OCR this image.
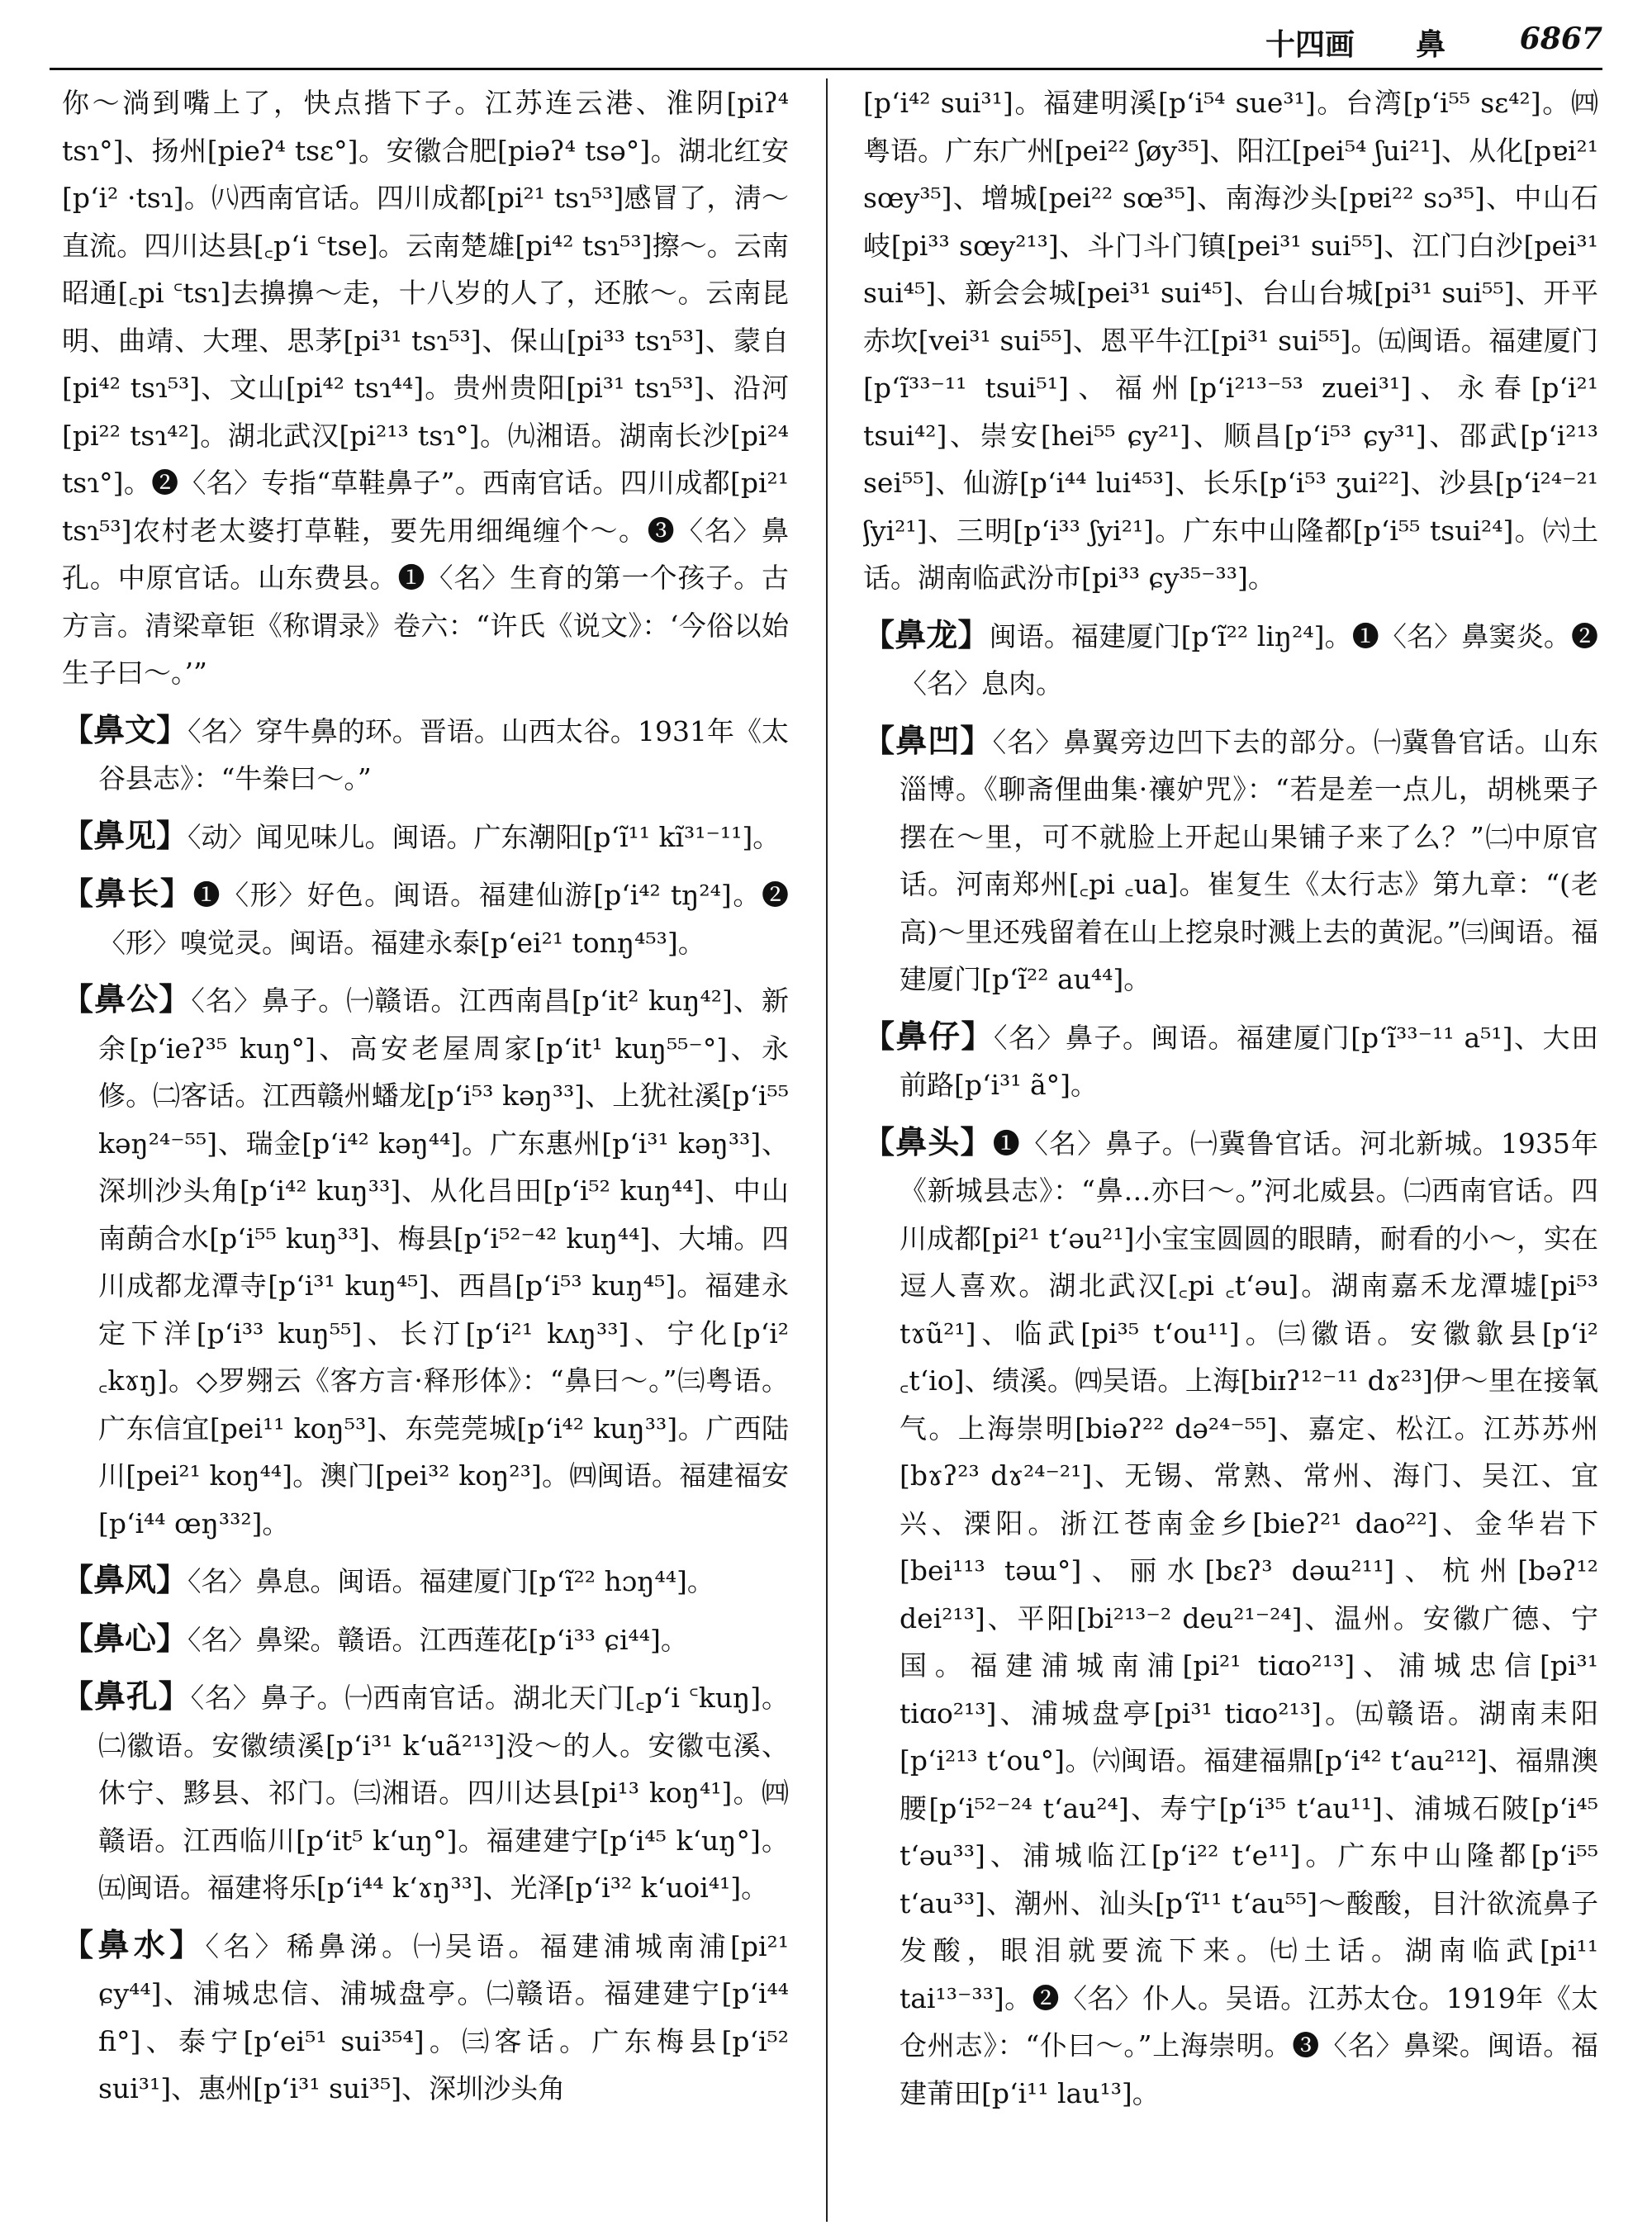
十四画 鼻 6867

你～淌到嘴上了，快点揩下子。江苏连云港、淮阴[piʔ⁴ tsɿ°]、扬州[pieʔ⁴ tsɛ°]。安徽合肥[piəʔ⁴ tsə°]。湖北红安[pʻi² ·tsɿ]。㈧西南官话。四川成都[pi²¹ tsɿ⁵³]感冒了，淸～直流。四川达县[꜀pʻi ꜂tse]。云南楚雄[pi⁴² tsɿ⁵³]擦～。云南昭通[꜀pi ꜂tsɿ]去擤擤～走，十八岁的人了，还脓～。云南昆明、曲靖、大理、思茅[pi³¹ tsɿ⁵³]、保山[pi³³ tsɿ⁵³]、蒙自[pi⁴² tsɿ⁵³]、文山[pi⁴² tsɿ⁴⁴]。贵州贵阳[pi³¹ tsɿ⁵³]、沿河[pi²² tsɿ⁴²]。湖北武汉[pi²¹³ tsɿ°]。㈨湘语。湖南长沙[pi²⁴ tsɿ°]。❷〈名〉专指“草鞋鼻子”。西南官话。四川成都[pi²¹ tsɿ⁵³]农村老太婆打草鞋，要先用细绳缠个～。❸〈名〉鼻孔。中原官话。山东费县。❶〈名〉生育的第一个孩子。古方言。清梁章钜《称谓录》卷六：“许氏《说文》：‘今俗以始生子曰～。’”

【鼻文】〈名〉穿牛鼻的环。晋语。山西太谷。1931年《太谷县志》：“牛桊曰～。”

【鼻见】〈动〉闻见味儿。闽语。广东潮阳[pʻĩ¹¹ kĩ³¹⁻¹¹]。

【鼻长】❶〈形〉好色。闽语。福建仙游[pʻi⁴² tŋ²⁴]。❷〈形〉嗅觉灵。闽语。福建永泰[pʻei²¹ tonŋ⁴⁵³]。

【鼻公】〈名〉鼻子。㈠赣语。江西南昌[pʻit² kuŋ⁴²]、新余[pʻieʔ³⁵ kuŋ°]、高安老屋周家[pʻit¹ kuŋ⁵⁵⁻°]、永修。㈡客话。江西赣州蟠龙[pʻi⁵³ kəŋ³³]、上犹社溪[pʻi⁵⁵ kəŋ²⁴⁻⁵⁵]、瑞金[pʻi⁴² kəŋ⁴⁴]。广东惠州[pʻi³¹ kəŋ³³]、深圳沙头角[pʻi⁴² kuŋ³³]、从化吕田[pʻi⁵² kuŋ⁴⁴]、中山南蓢合水[pʻi⁵⁵ kuŋ³³]、梅县[pʻi⁵²⁻⁴² kuŋ⁴⁴]、大埔。四川成都龙潭寺[pʻi³¹ kuŋ⁴⁵]、西昌[pʻi⁵³ kuŋ⁴⁵]。福建永定下洋[pʻi³³ kuŋ⁵⁵]、长汀[pʻi²¹ kʌŋ³³]、宁化[pʻi² ꜀kɤŋ]。◇罗翙云《客方言·释形体》：“鼻曰～。”㈢粤语。广东信宜[pei¹¹ koŋ⁵³]、东莞莞城[pʻi⁴² kuŋ³³]。广西陆川[pei²¹ koŋ⁴⁴]。澳门[pei³² koŋ²³]。㈣闽语。福建福安[pʻi⁴⁴ œŋ³³²]。

【鼻风】〈名〉鼻息。闽语。福建厦门[pʻĩ²² hɔŋ⁴⁴]。

【鼻心】〈名〉鼻梁。赣语。江西莲花[pʻi³³ ɕi⁴⁴]。

【鼻孔】〈名〉鼻子。㈠西南官话。湖北天门[꜀pʻi ꜂kuŋ]。㈡徽语。安徽绩溪[pʻi³¹ kʻuã²¹³]没～的人。安徽屯溪、休宁、黟县、祁门。㈢湘语。四川达县[pi¹³ koŋ⁴¹]。㈣赣语。江西临川[pʻit⁵ kʻuŋ°]。福建建宁[pʻi⁴⁵ kʻuŋ°]。㈤闽语。福建将乐[pʻi⁴⁴ kʻɤŋ³³]、光泽[pʻi³² kʻuoi⁴¹]。

【鼻水】〈名〉稀鼻涕。㈠吴语。福建浦城南浦[pi²¹ ɕy⁴⁴]、浦城忠信、浦城盘亭。㈡赣语。福建建宁[pʻi⁴⁴ fi°]、泰宁[pʻei⁵¹ sui³⁵⁴]。㈢客话。广东梅县[pʻi⁵² sui³¹]、惠州[pʻi³¹ sui³⁵]、深圳沙头角

[pʻi⁴² sui³¹]。福建明溪[pʻi⁵⁴ sue³¹]。台湾[pʻi⁵⁵ sɛ⁴²]。㈣粤语。广东广州[pei²² ʃøy³⁵]、阳江[pei⁵⁴ ʃui²¹]、从化[pɐi²¹ sœy³⁵]、增城[pei²² sœ³⁵]、南海沙头[pɐi²² sɔ³⁵]、中山石岐[pi³³ sœy²¹³]、斗门斗门镇[pei³¹ sui⁵⁵]、江门白沙[pei³¹ sui⁴⁵]、新会会城[pei³¹ sui⁴⁵]、台山台城[pi³¹ sui⁵⁵]、开平赤坎[vei³¹ sui⁵⁵]、恩平牛江[pi³¹ sui⁵⁵]。㈤闽语。福建厦门[pʻĩ³³⁻¹¹ tsui⁵¹]、福州[pʻi²¹³⁻⁵³ zuei³¹]、永春[pʻi²¹ tsui⁴²]、崇安[hei⁵⁵ ɕy²¹]、顺昌[pʻi⁵³ ɕy³¹]、邵武[pʻi²¹³ sei⁵⁵]、仙游[pʻi⁴⁴ lui⁴⁵³]、长乐[pʻi⁵³ ʒui²²]、沙县[pʻi²⁴⁻²¹ ʃyi²¹]、三明[pʻi³³ ʃyi²¹]。广东中山隆都[pʻi⁵⁵ tsui²⁴]。㈥土话。湖南临武汾市[pi³³ ɕy³⁵⁻³³]。

【鼻龙】闽语。福建厦门[pʻĩ²² liŋ²⁴]。❶〈名〉鼻窦炎。❷〈名〉息肉。

【鼻凹】〈名〉鼻翼旁边凹下去的部分。㈠冀鲁官话。山东淄博。《聊斋俚曲集·禳妒咒》：“若是差一点儿，胡桃栗子摆在～里，可不就脸上开起山果铺子来了么？”㈡中原官话。河南郑州[꜀pi ꜀ua]。崔复生《太行志》第九章：“(老高)～里还残留着在山上挖泉时溅上去的黄泥。”㈢闽语。福建厦门[pʻĩ²² au⁴⁴]。

【鼻仔】〈名〉鼻子。闽语。福建厦门[pʻĩ³³⁻¹¹ a⁵¹]、大田前路[pʻi³¹ ã°]。

【鼻头】❶〈名〉鼻子。㈠冀鲁官话。河北新城。1935年《新城县志》：“鼻…亦曰～。”河北威县。㈡西南官话。四川成都[pi²¹ tʻəu²¹]小宝宝圆圆的眼睛，耐看的小～，实在逗人喜欢。湖北武汉[꜀pi ꜀tʻəu]。湖南嘉禾龙潭墟[pi⁵³ tɤũ²¹]、临武[pi³⁵ tʻou¹¹]。㈢徽语。安徽歙县[pʻi² ꜀tʻio]、绩溪。㈣吴语。上海[biɪʔ¹²⁻¹¹ dɤ²³]伊～里在接氧气。上海崇明[biəʔ²² də²⁴⁻⁵⁵]、嘉定、松江。江苏苏州[bɤʔ²³ dɤ²⁴⁻²¹]、无锡、常熟、常州、海门、吴江、宜兴、溧阳。浙江苍南金乡[bieʔ²¹ dao²²]、金华岩下[bei¹¹³ təɯ°]、丽水[bɛʔ³ dəɯ²¹¹]、杭州[bəʔ¹² dei²¹³]、平阳[bi²¹³⁻² deu²¹⁻²⁴]、温州。安徽广德、宁国。福建浦城南浦[pi²¹ tiɑo²¹³]、浦城忠信[pi³¹ tiɑo²¹³]、浦城盘亭[pi³¹ tiɑo²¹³]。㈤赣语。湖南耒阳[pʻi²¹³ tʻou°]。㈥闽语。福建福鼎[pʻi⁴² tʻau²¹²]、福鼎澳腰[pʻi⁵²⁻²⁴ tʻau²⁴]、寿宁[pʻi³⁵ tʻau¹¹]、浦城石陂[pʻi⁴⁵ tʻəu³³]、浦城临江[pʻi²² tʻe¹¹]。广东中山隆都[pʻi⁵⁵ tʻau³³]、潮州、汕头[pʻĩ¹¹ tʻau⁵⁵]～酸酸，目汁欲流鼻子发酸，眼泪就要流下来。㈦土话。湖南临武[pi¹¹ tai¹³⁻³³]。❷〈名〉仆人。吴语。江苏太仓。1919年《太仓州志》：“仆曰～。”上海崇明。❸〈名〉鼻梁。闽语。福建莆田[pʻi¹¹ lau¹³]。
